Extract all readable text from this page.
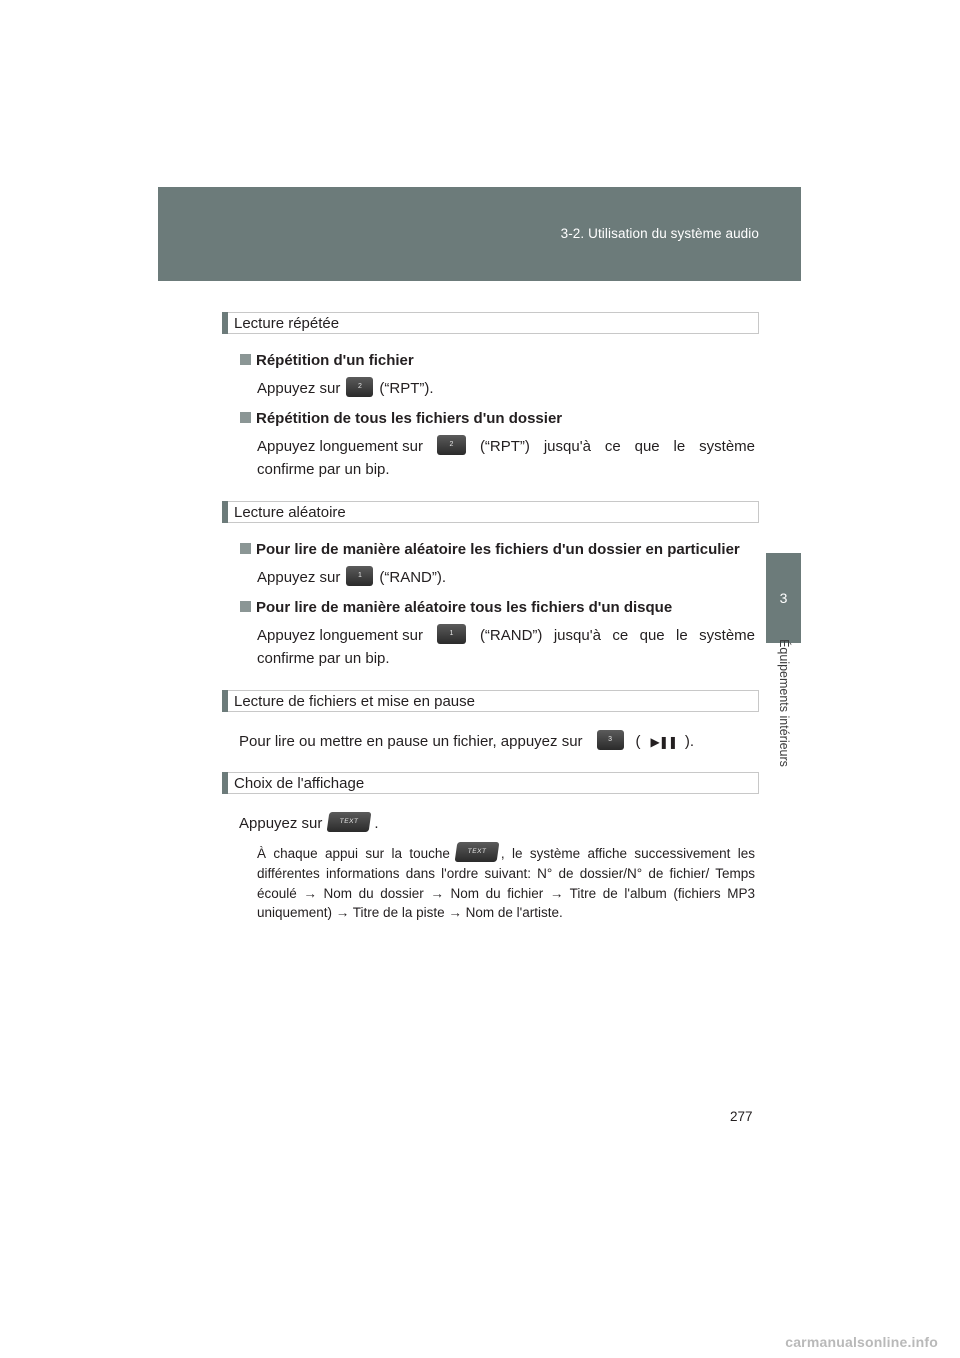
3-2. Utilisation du système audio
3
Équipements intérieurs
Lecture répétée
Répétition d'un fichier
Appuyez sur	2 (“RPT”).
Répétition de tous les fichiers d'un dossier
Appuyez longuement sur	2	(“RPT”) jusqu'à ce que le système
confirme par un bip.
Lecture aléatoire
Pour lire de manière aléatoire les fichiers d'un dossier en particulier
Appuyez sur	1 (“RAND”).
Pour lire de manière aléatoire tous les fichiers d'un disque
Appuyez longuement sur	1	(“RAND”) jusqu'à ce que le système
confirme par un bip.
Lecture de fichiers et mise en pause
Pour lire ou mettre en pause un fichier, appuyez sur	3 ( ▶❚❚ ).
Choix de l'affichage
Appuyez sur	TEXT .
À chaque appui sur la touche	TEXT , le système affiche successivement les différentes informations dans l'ordre suivant: N° de dossier/N° de fichier/ Temps écoulé → Nom du dossier → Nom du fichier → Titre de l'album (fichiers MP3 uniquement) → Titre de la piste → Nom de l'artiste.
277
carmanualsonline.info
